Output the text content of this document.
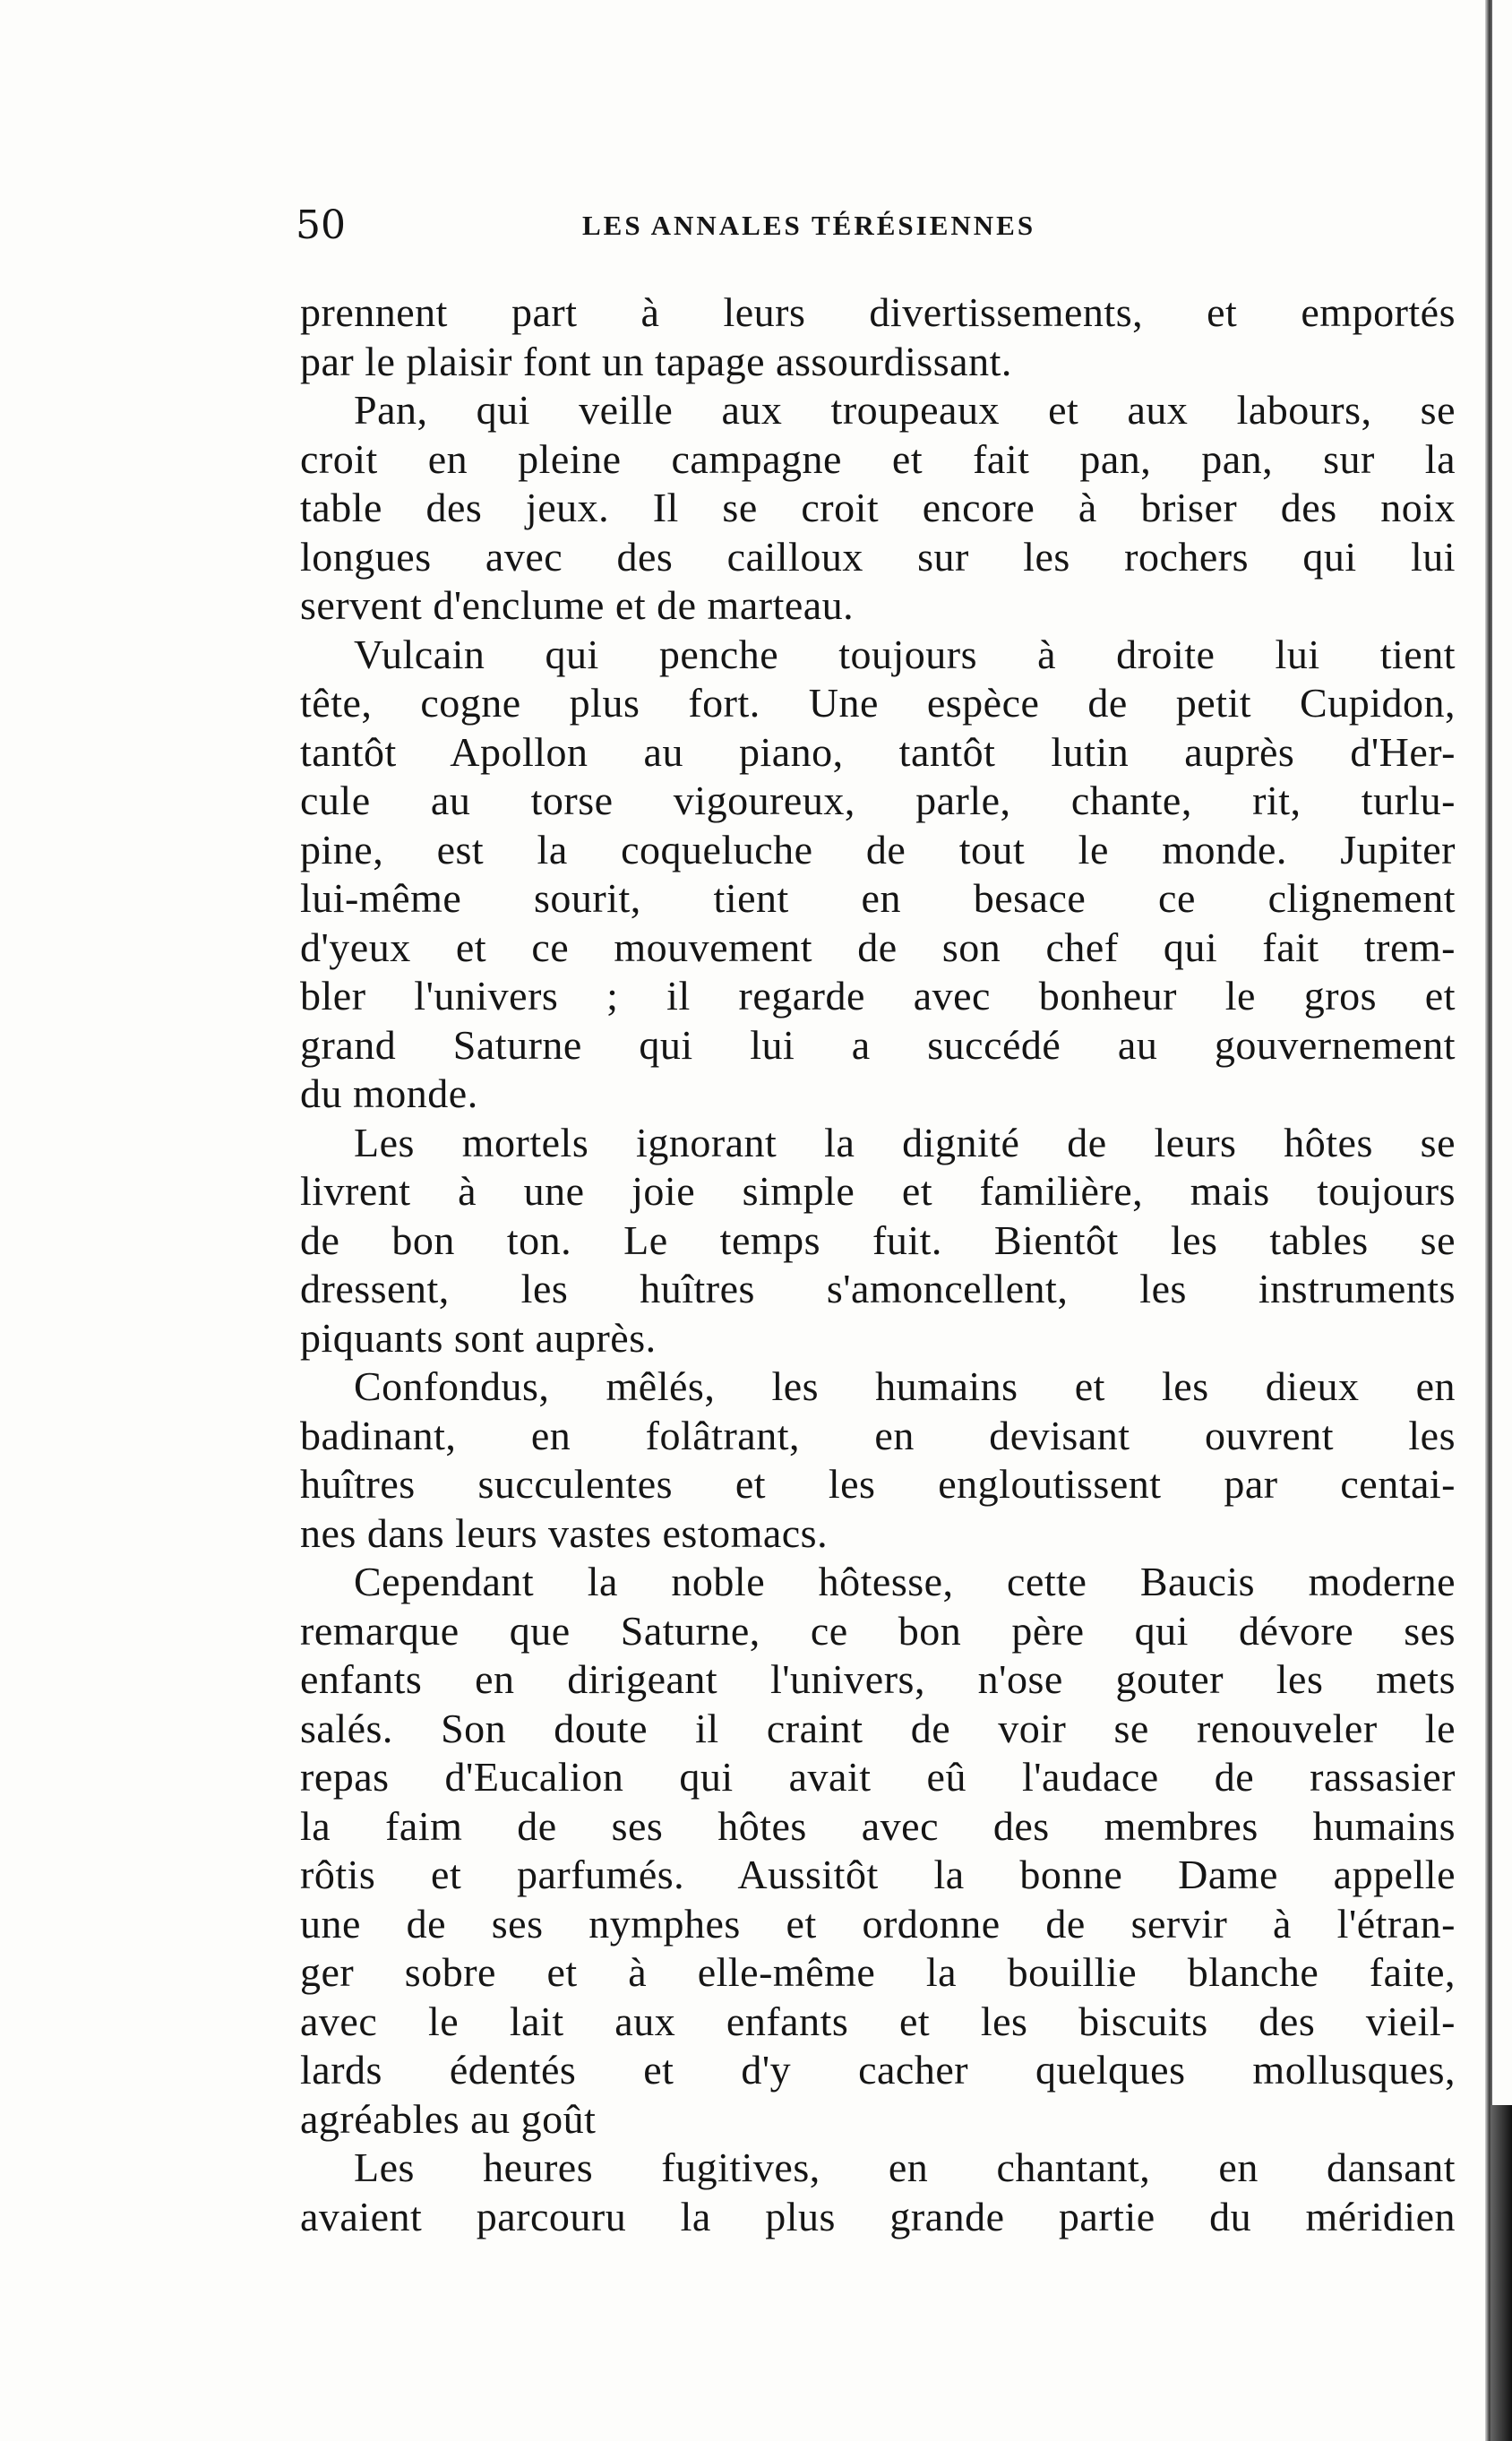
50	LES ANNALES TÉRÉSIENNES
prennent part à leurs divertissements, et emportés
par le plaisir font un tapage assourdissant.
Pan, qui veille aux troupeaux et aux labours, se
croit en pleine campagne et fait pan, pan, sur la
table des jeux. Il se croit encore à briser des noix
longues avec des cailloux sur les rochers qui lui
servent d'enclume et de marteau.
Vulcain qui penche toujours à droite lui tient
tête, cogne plus fort. Une espèce de petit Cupidon,
tantôt Apollon au piano, tantôt lutin auprès d'Her-
cule au torse vigoureux, parle, chante, rit, turlu-
pine, est la coqueluche de tout le monde. Jupiter
lui-même sourit, tient en besace ce clignement
d'yeux et ce mouvement de son chef qui fait trem-
bler l'univers ; il regarde avec bonheur le gros et
grand Saturne qui lui a succédé au gouvernement
du monde.
Les mortels ignorant la dignité de leurs hôtes se
livrent à une joie simple et familière, mais toujours
de bon ton. Le temps fuit. Bientôt les tables se
dressent, les huîtres s'amoncellent, les instruments
piquants sont auprès.
Confondus, mêlés, les humains et les dieux en
badinant, en folâtrant, en devisant ouvrent les
huîtres succulentes et les engloutissent par centai-
nes dans leurs vastes estomacs.
Cependant la noble hôtesse, cette Baucis moderne
remarque que Saturne, ce bon père qui dévore ses
enfants en dirigeant l'univers, n'ose gouter les mets
salés. Son doute il craint de voir se renouveler le
repas d'Eucalion qui avait eû l'audace de rassasier
la faim de ses hôtes avec des membres humains
rôtis et parfumés. Aussitôt la bonne Dame appelle
une de ses nymphes et ordonne de servir à l'étran-
ger sobre et à elle-même la bouillie blanche faite,
avec le lait aux enfants et les biscuits des vieil-
lards édentés et d'y cacher quelques mollusques,
agréables au goût
Les heures fugitives, en chantant, en dansant
avaient parcouru la plus grande partie du méridien
